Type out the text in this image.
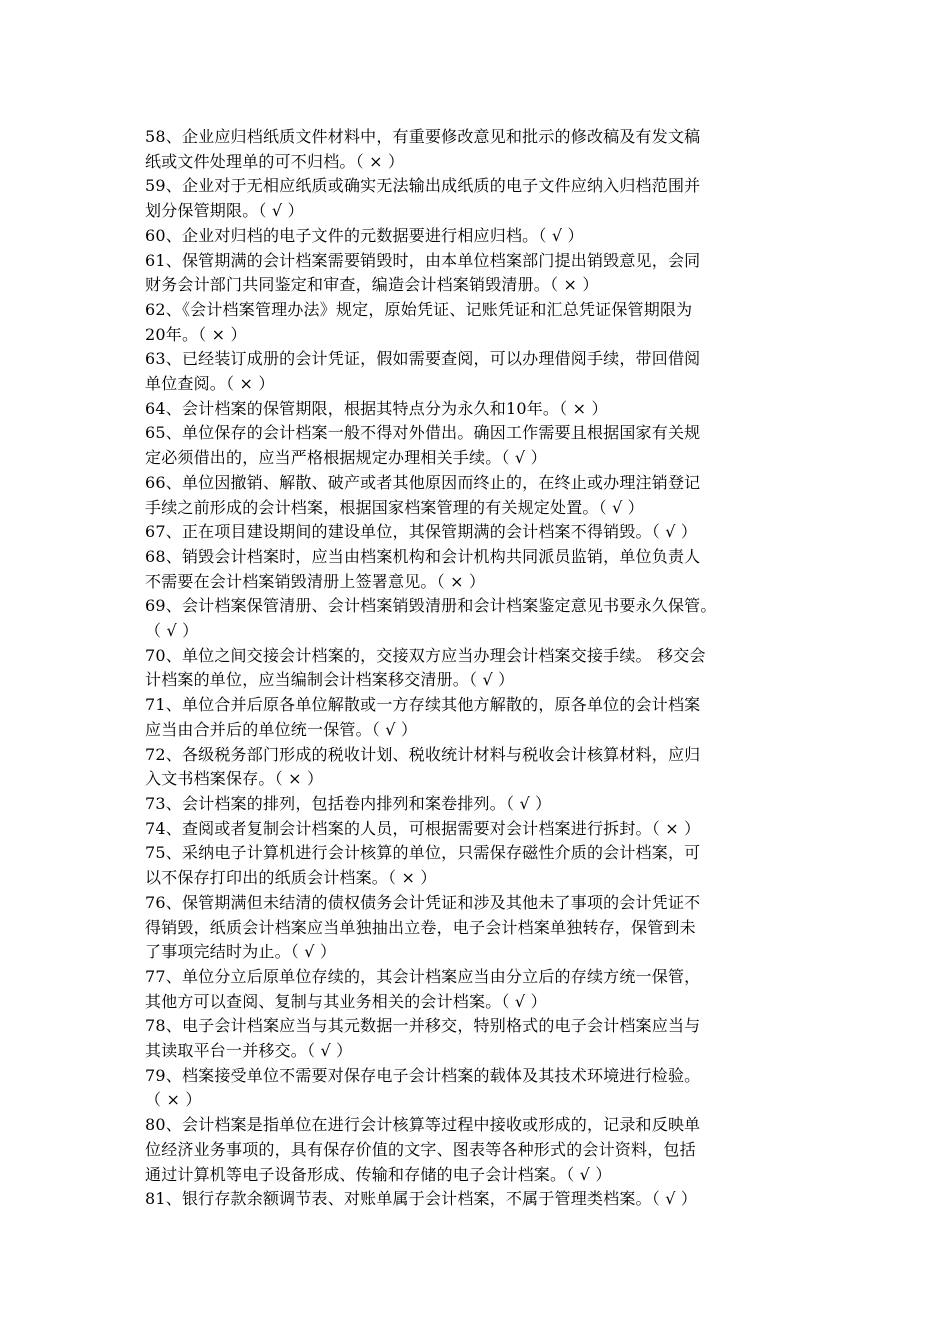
58、企业应归档纸质文件材料中，有重要修改意见和批示的修改稿及有发文稿
纸或文件处理单的可不归档。（ × ）
59、企业对于无相应纸质或确实无法输出成纸质的电子文件应纳入归档范围并
划分保管期限。（ √ ）
60、企业对归档的电子文件的元数据要进行相应归档。（ √ ）
61、保管期满的会计档案需要销毁时，由本单位档案部门提出销毁意见，会同
财务会计部门共同鉴定和审查，编造会计档案销毁清册。（ × ）
62、《会计档案管理办法》规定，原始凭证、记账凭证和汇总凭证保管期限为
20年。（ × ）
63、已经装订成册的会计凭证，假如需要查阅，可以办理借阅手续，带回借阅
单位查阅。（ × ）
64、会计档案的保管期限，根据其特点分为永久和10年。（ × ）
65、单位保存的会计档案一般不得对外借出。确因工作需要且根据国家有关规
定必须借出的，应当严格根据规定办理相关手续。（ √ ）
66、单位因撤销、解散、破产或者其他原因而终止的，在终止或办理注销登记
手续之前形成的会计档案，根据国家档案管理的有关规定处置。（ √ ）
67、正在项目建设期间的建设单位，其保管期满的会计档案不得销毁。（ √ ）
68、销毁会计档案时，应当由档案机构和会计机构共同派员监销，单位负责人
不需要在会计档案销毁清册上签署意见。（ × ）
69、会计档案保管清册、会计档案销毁清册和会计档案鉴定意见书要永久保管。
（ √ ）
70、单位之间交接会计档案的，交接双方应当办理会计档案交接手续。 移交会
计档案的单位，应当编制会计档案移交清册。（ √ ）
71、单位合并后原各单位解散或一方存续其他方解散的，原各单位的会计档案
应当由合并后的单位统一保管。（ √ ）
72、各级税务部门形成的税收计划、税收统计材料与税收会计核算材料，应归
入文书档案保存。（ × ）
73、会计档案的排列，包括卷内排列和案卷排列。（ √ ）
74、查阅或者复制会计档案的人员，可根据需要对会计档案进行拆封。（ × ）
75、采纳电子计算机进行会计核算的单位，只需保存磁性介质的会计档案，可
以不保存打印出的纸质会计档案。（ × ）
76、保管期满但未结清的债权债务会计凭证和涉及其他未了事项的会计凭证不
得销毁，纸质会计档案应当单独抽出立卷，电子会计档案单独转存，保管到未
了事项完结时为止。（ √ ）
77、单位分立后原单位存续的，其会计档案应当由分立后的存续方统一保管，
其他方可以查阅、复制与其业务相关的会计档案。（ √ ）
78、电子会计档案应当与其元数据一并移交，特别格式的电子会计档案应当与
其读取平台一并移交。（ √ ）
79、档案接受单位不需要对保存电子会计档案的载体及其技术环境进行检验。
（ × ）
80、会计档案是指单位在进行会计核算等过程中接收或形成的，记录和反映单
位经济业务事项的，具有保存价值的文字、图表等各种形式的会计资料，包括
通过计算机等电子设备形成、传输和存储的电子会计档案。（ √ ）
81、银行存款余额调节表、对账单属于会计档案，不属于管理类档案。（ √ ）
